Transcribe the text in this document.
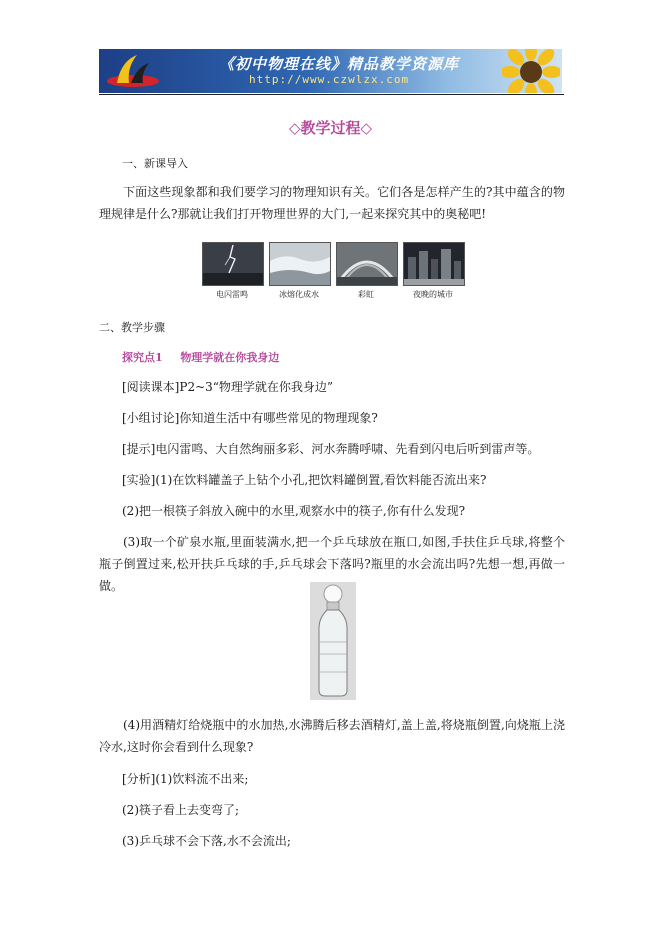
《初中物理在线》精品教学资源库
http://www.czwlzx.com
◇教学过程◇
一、新课导入
下面这些现象都和我们要学习的物理知识有关。它们各是怎样产生的?其中蕴含的物理规律是什么?那就让我们打开物理世界的大门,一起来探究其中的奥秘吧!
电闪雷鸣	冰熔化成水	彩虹	夜晚的城市
二、教学步骤
探究点1 物理学就在你我身边
[阅读课本]P2~3“物理学就在你我身边”
[小组讨论]你知道生活中有哪些常见的物理现象?
[提示]电闪雷鸣、大自然绚丽多彩、河水奔腾呼啸、先看到闪电后听到雷声等。
[实验](1)在饮料罐盖子上钻个小孔,把饮料罐倒置,看饮料能否流出来?
(2)把一根筷子斜放入碗中的水里,观察水中的筷子,你有什么发现?
(3)取一个矿泉水瓶,里面装满水,把一个乒乓球放在瓶口,如图,手扶住乒乓球,将整个瓶子倒置过来,松开扶乒乓球的手,乒乓球会下落吗?瓶里的水会流出吗?先想一想,再做一做。
(4)用酒精灯给烧瓶中的水加热,水沸腾后移去酒精灯,盖上盖,将烧瓶倒置,向烧瓶上浇冷水,这时你会看到什么现象?
[分析](1)饮料流不出来;
(2)筷子看上去变弯了;
(3)乒乓球不会下落,水不会流出;
